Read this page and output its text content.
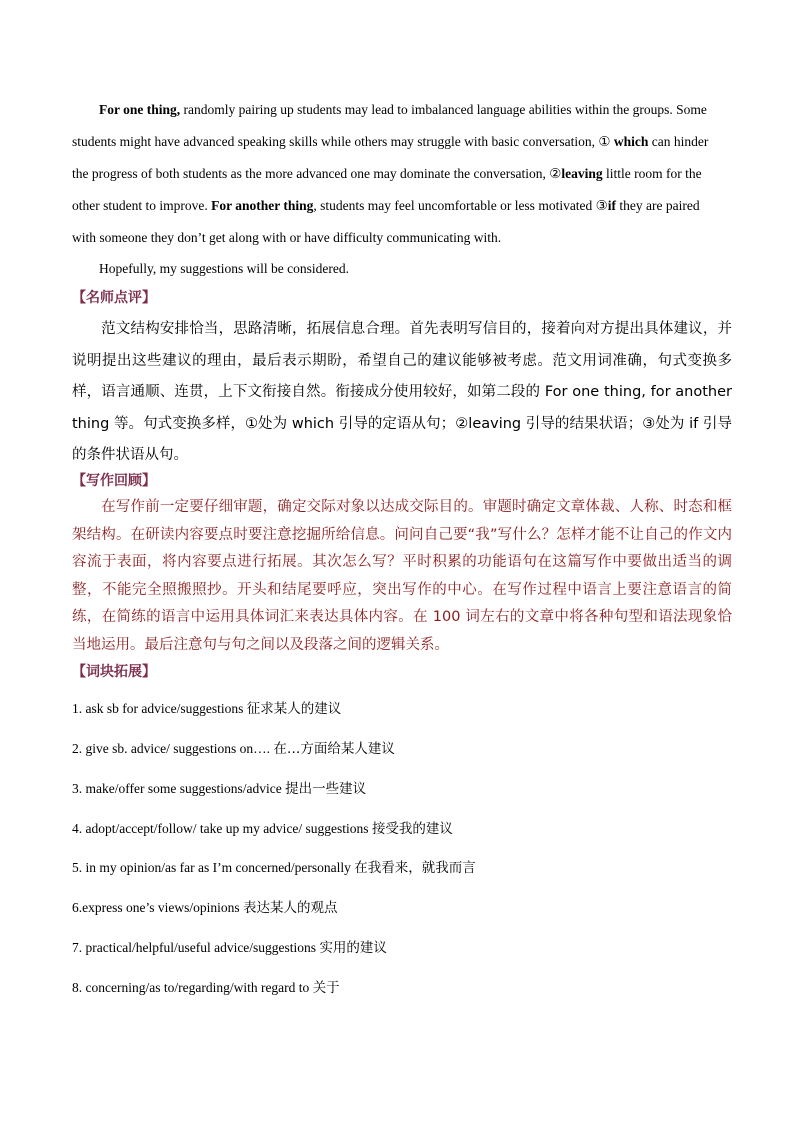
For one thing, randomly pairing up students may lead to imbalanced language abilities within the groups. Some students might have advanced speaking skills while others may struggle with basic conversation, ① which can hinder the progress of both students as the more advanced one may dominate the conversation, ②leaving little room for the other student to improve. For another thing, students may feel uncomfortable or less motivated ③if they are paired with someone they don’t get along with or have difficulty communicating with.
Hopefully, my suggestions will be considered.
【名师点评】
范文结构安排恰当，思路清晰，拓展信息合理。首先表明写信目的，接着向对方提出具体建议，并说明提出这些建议的理由，最后表示期盼，希望自己的建议能够被考虑。范文用词准确，句式变换多样，语言通顺、连贯，上下文衔接自然。衔接成分使用较好，如第二段的 For one thing, for another thing 等。句式变换多样，①处为 which 引导的定语从句；②leaving 引导的结果状语；③处为 if 引导的条件状语从句。
【写作回顾】
在写作前一定要仔细审题，确定交际对象以达成交际目的。审题时确定文章体裁、人称、时态和框架结构。在研读内容要点时要注意挖掘所给信息。问问自己要“我”写什么？怎样才能不让自己的作文内容流于表面，将内容要点进行拓展。其次怎么写？平时积累的功能语句在这篇写作中要做出适当的调整，不能完全照搬照抄。开头和结尾要呼应，突出写作的中心。在写作过程中语言上要注意语言的简练，在简练的语言中运用具体词汇来表达具体内容。在 100 词左右的文章中将各种句型和语法现象恰当地运用。最后注意句与句之间以及段落之间的逻辑关系。
【词块拓展】
1. ask sb for advice/suggestions 征求某人的建议
2. give sb. advice/ suggestions on…. 在…方面给某人建议
3. make/offer some suggestions/advice 提出一些建议
4. adopt/accept/follow/ take up my advice/ suggestions 接受我的建议
5. in my opinion/as far as I’m concerned/personally 在我看来，就我而言
6.express one’s views/opinions 表达某人的观点
7. practical/helpful/useful advice/suggestions 实用的建议
8. concerning/as to/regarding/with regard to 关于
